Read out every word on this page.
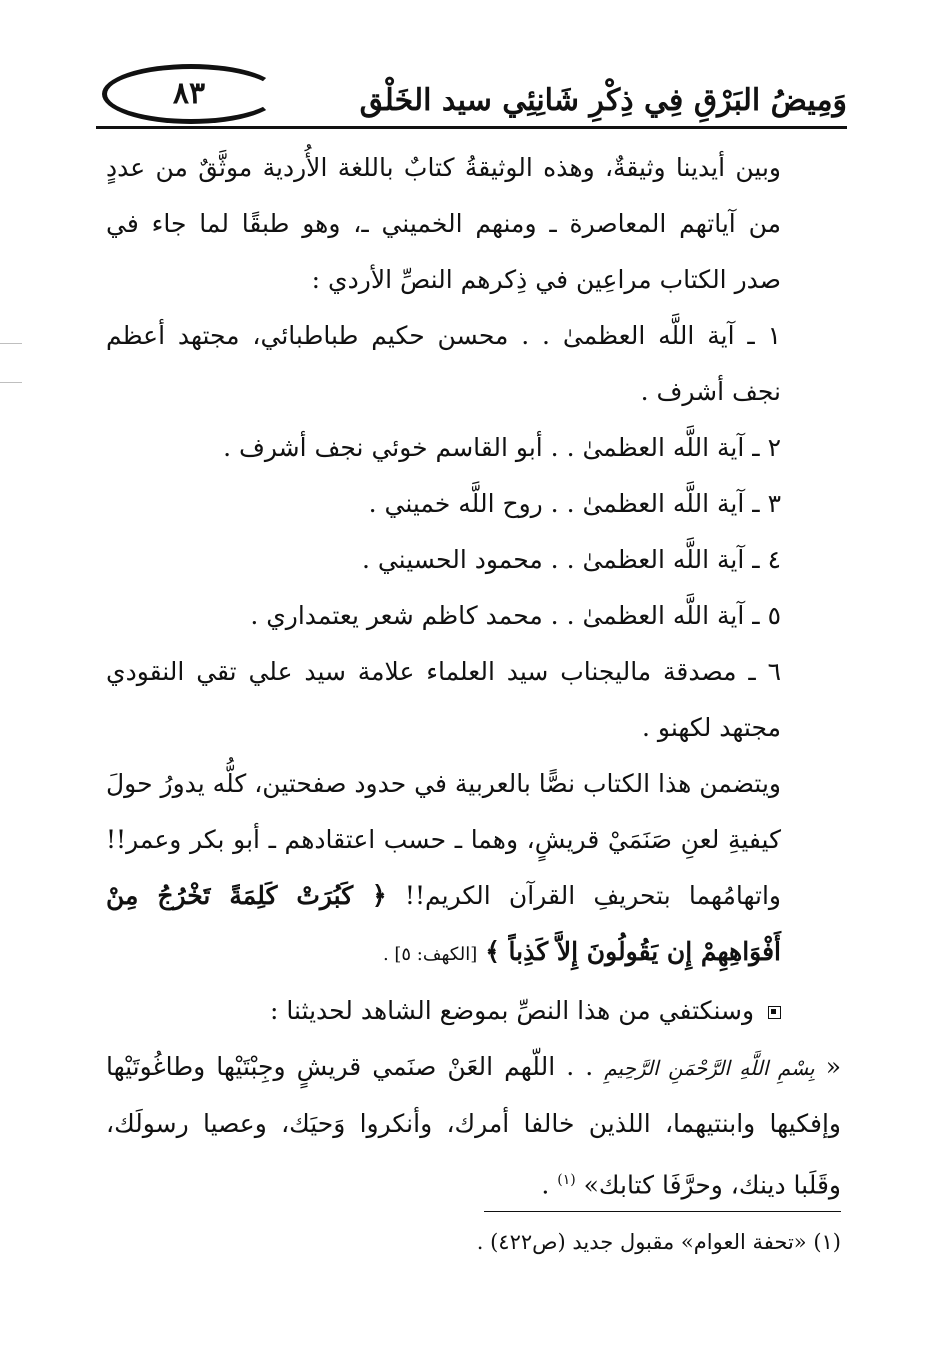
٨٣	وَمِيضُ البَرْقِ فِي ذِكْرِ شَانِئِي سيد الخَلْق

وبين أيدينا وثيقةٌ، وهذه الوثيقةُ كتابٌ باللغة الأُردية موثَّقٌ من عددٍ من آياتهم المعاصرة ـ ومنهم الخميني ـ، وهو طبقًا لما جاء في صدر الكتاب مراعِين في ذِكرهم النصِّ الأردي :

١ ـ آية اللَّه العظمىٰ . . محسن حكيم طباطبائي، مجتهد أعظم نجف أشرف .

٢ ـ آية اللَّه العظمىٰ . . أبو القاسم خوئي نجف أشرف .

٣ ـ آية اللَّه العظمىٰ . . روح اللَّه خميني .

٤ ـ آية اللَّه العظمىٰ . . محمود الحسيني .

٥ ـ آية اللَّه العظمىٰ . . محمد كاظم شعر يعتمداري .

٦ ـ مصدقة ماليجناب سيد العلماء علامة سيد علي تقي النقودي مجتهد لكهنو .

ويتضمن هذا الكتاب نصًّا بالعربية في حدود صفحتين، كلُّه يدورُ حولَ كيفيةِ لعنِ صَنَمَيْ قريشٍ، وهما ـ حسب اعتقادهم ـ أبو بكر وعمر!! واتهامُهما بتحريفِ القرآن الكريم!! ﴿ كَبُرَتْ كَلِمَةً تَخْرُجُ مِنْ أَفْوَاهِهِمْ إِن يَقُولُونَ إِلاَّ كَذِباً ﴾ [الكهف: ٥] .

وسنكتفي من هذا النصِّ بموضع الشاهد لحديثنا :

« بِسْمِ اللَّهِ الرَّحْمَنِ الرَّحِيمِ . . اللّهم العَنْ صنَمي قريشٍ وجِبْتَيْها وطاغُوتَيْها وإفكيها وابنتيهما، اللذين خالفا أمرك، وأنكروا وَحيَك، وعصيا رسولَك، وقَلَبا دينك، وحرَّفَا كتابك» $^{(١)}$ .

(١) «تحفة العوام» مقبول جديد (ص٤٢٢) .
